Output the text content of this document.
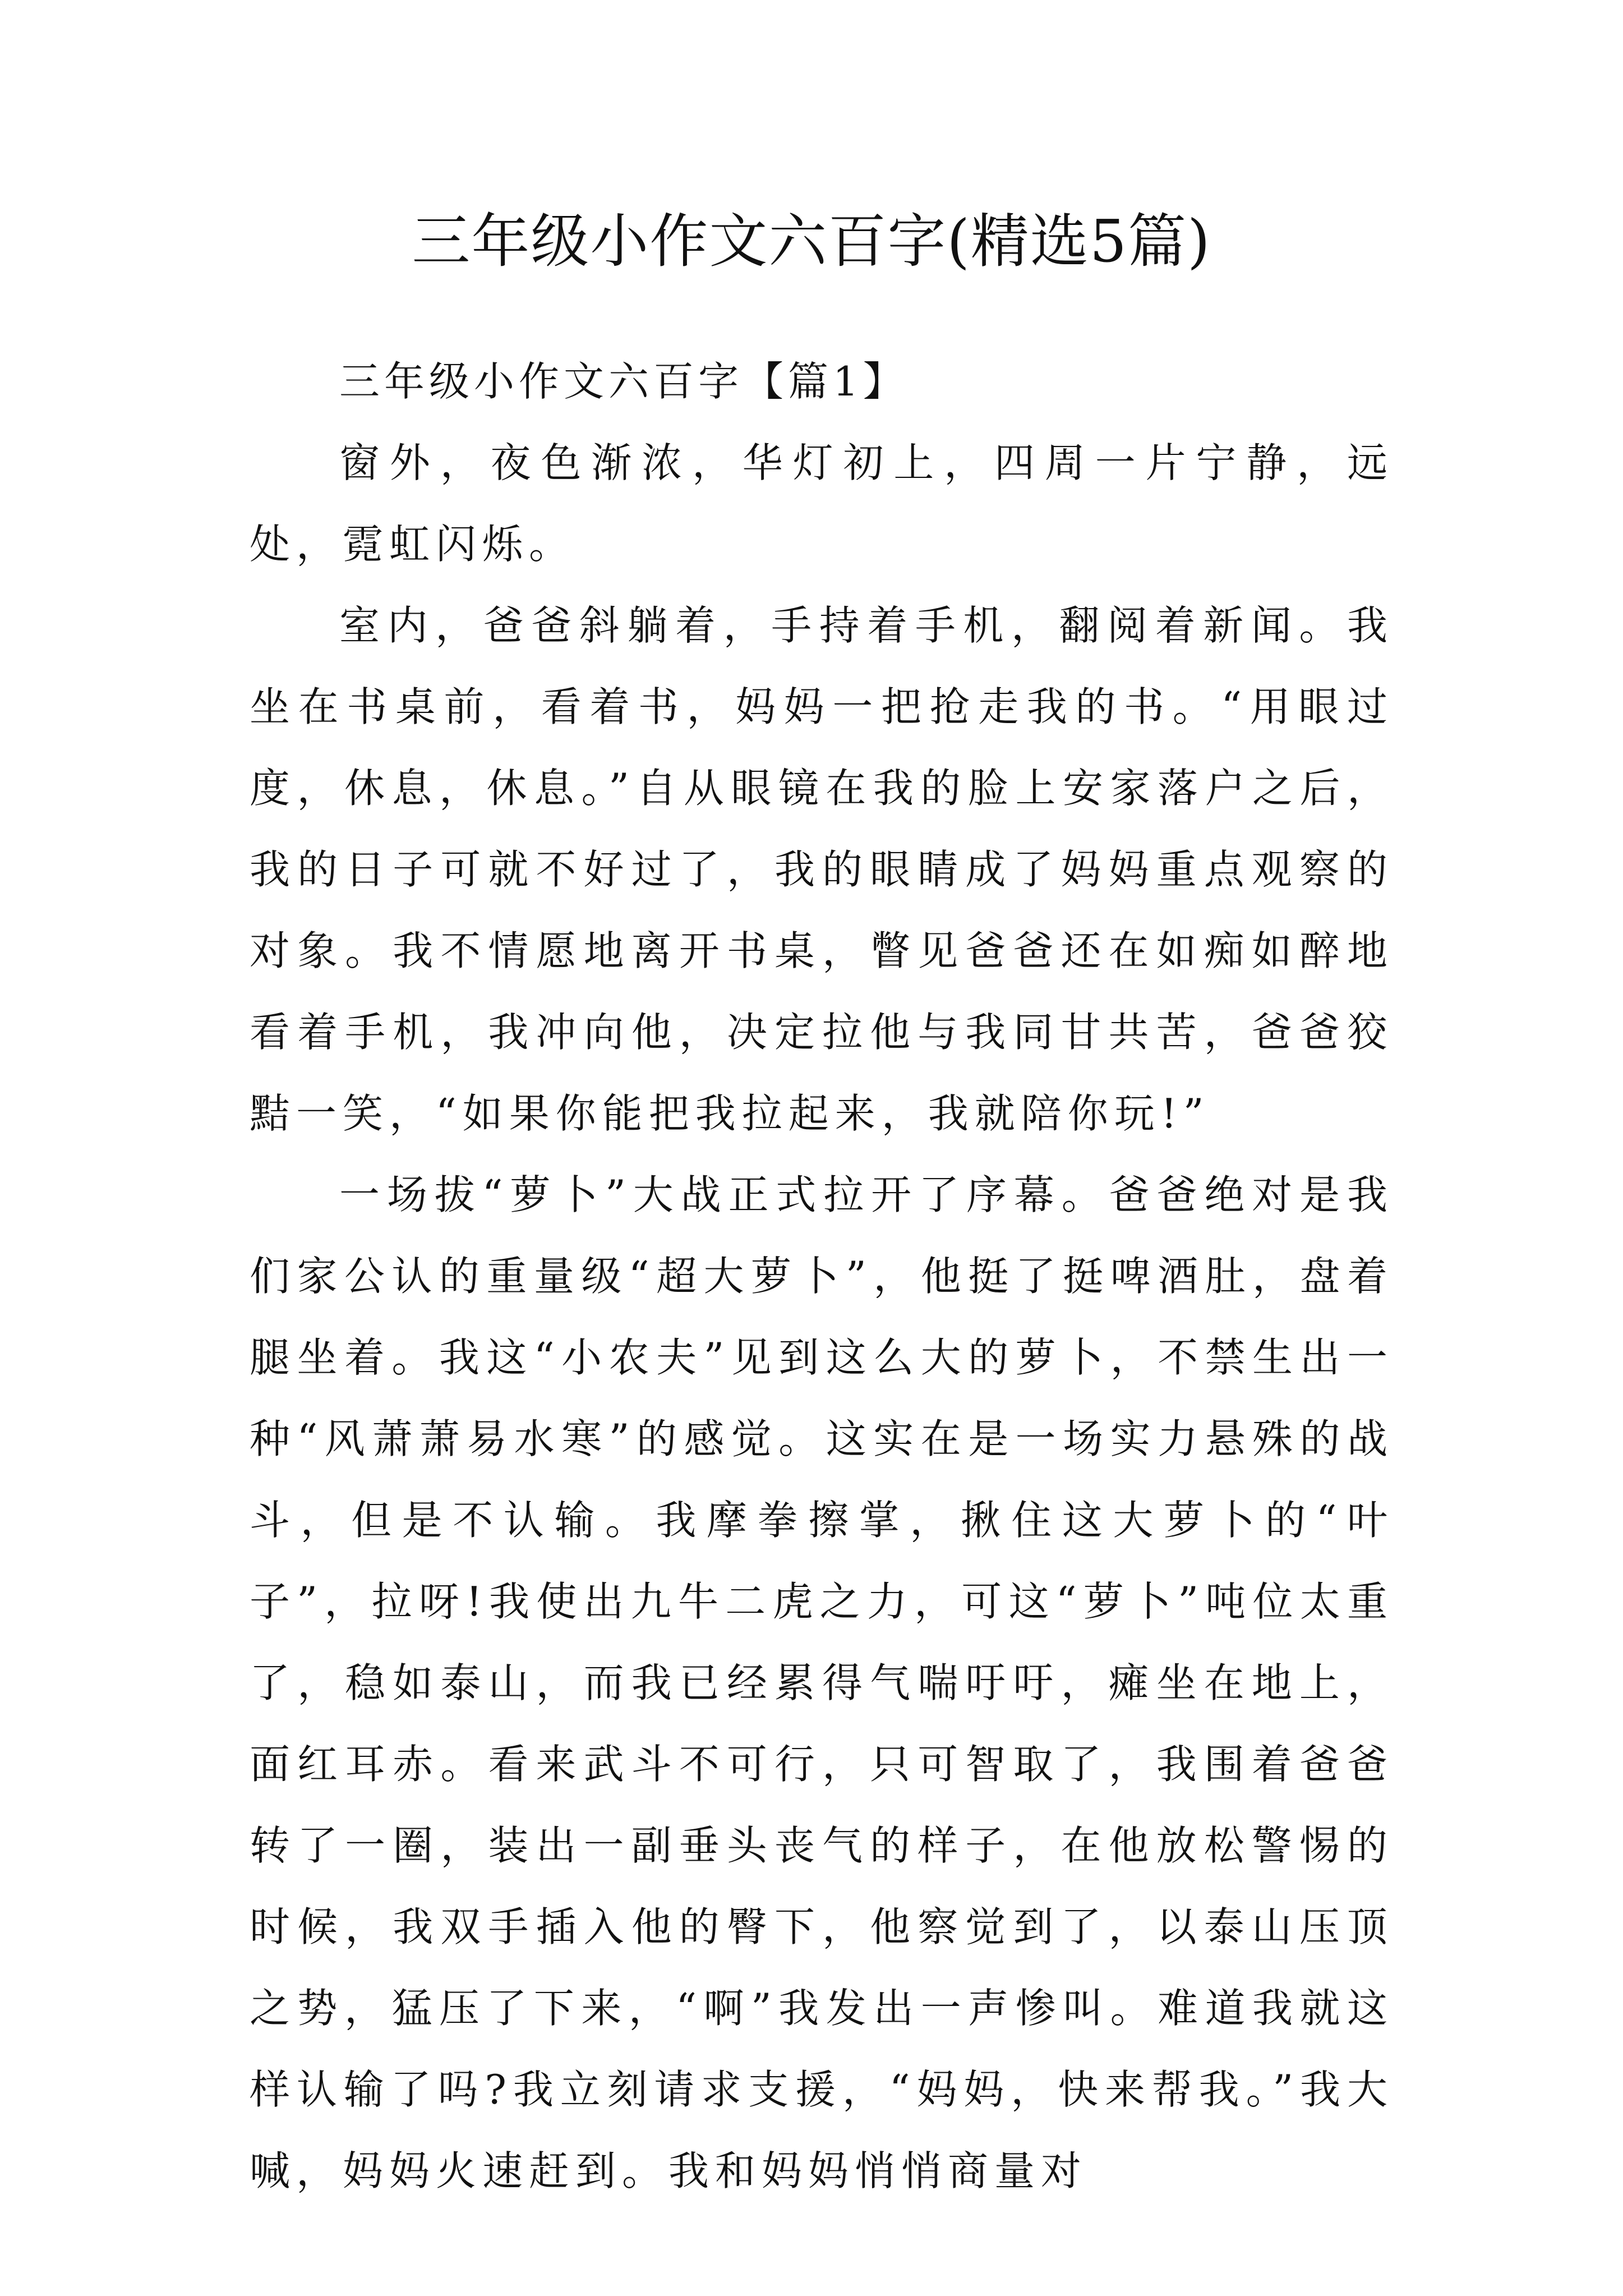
三年级小作文六百字(精选5篇)
三年级小作文六百字【篇1】

窗外，夜色渐浓，华灯初上，四周一片宁静，远处，霓虹闪烁。

室内，爸爸斜躺着，手持着手机，翻阅着新闻。我坐在书桌前，看着书，妈妈一把抢走我的书。“用眼过度，休息，休息。”自从眼镜在我的脸上安家落户之后，我的日子可就不好过了，我的眼睛成了妈妈重点观察的对象。我不情愿地离开书桌，瞥见爸爸还在如痴如醉地看着手机，我冲向他，决定拉他与我同甘共苦，爸爸狡黠一笑，“如果你能把我拉起来，我就陪你玩!”

一场拔“萝卜”大战正式拉开了序幕。爸爸绝对是我们家公认的重量级“超大萝卜”，他挺了挺啤酒肚，盘着腿坐着。我这“小农夫”见到这么大的萝卜，不禁生出一种“风萧萧易水寒”的感觉。这实在是一场实力悬殊的战斗，但是不认输。我摩拳擦掌，揪住这大萝卜的“叶子”，拉呀!我使出九牛二虎之力，可这“萝卜”吨位太重了，稳如泰山，而我已经累得气喘吁吁，瘫坐在地上，面红耳赤。看来武斗不可行，只可智取了，我围着爸爸转了一圈，装出一副垂头丧气的样子，在他放松警惕的时候，我双手插入他的臀下，他察觉到了，以泰山压顶之势，猛压了下来，“啊”我发出一声惨叫。难道我就这样认输了吗?我立刻请求支援，“妈妈，快来帮我。”我大喊，妈妈火速赶到。我和妈妈悄悄商量对
